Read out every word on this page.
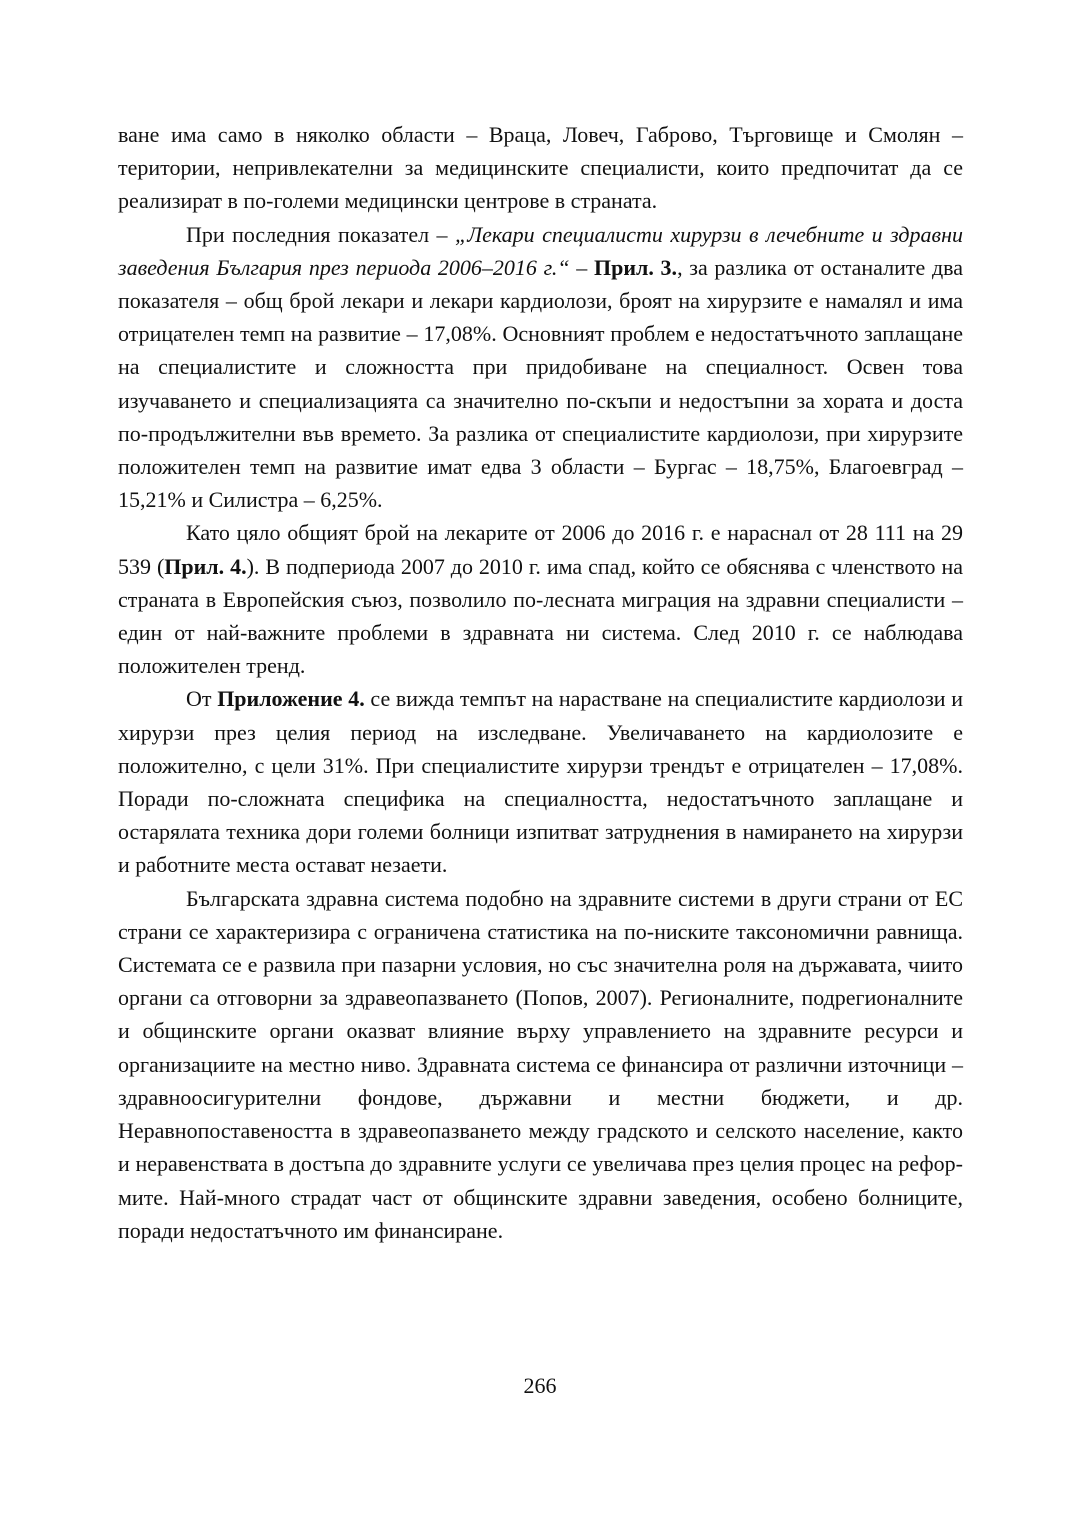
ване има само в няколко области – Враца, Ловеч, Габрово, Търговище и Смолян – територии, непривлекателни за медицинските специалисти, които предпочитат да се реализират в по-големи медицински центрове в страната.

При последния показател – „Лекари специалисти хирурзи в лечебните и здравни заведения България през периода 2006–2016 г.“ – Прил. 3., за разлика от останалите два показателя – общ брой лекари и лекари кардиолози, броят на хирурзите е намалял и има отрицателен темп на развитие – 17,08%. Основният проблем е недостатъчното заплащане на специалистите и сложността при придобиване на специалност. Освен това изучаването и специализацията са значително по-скъпи и недостъпни за хората и доста по-продължителни във времето. За разлика от специалистите кардиолози, при хирурзите положителен темп на развитие имат едва 3 области – Бургас – 18,75%, Благоевград – 15,21% и Силистра – 6,25%.

Като цяло общият брой на лекарите от 2006 до 2016 г. е нараснал от 28 111 на 29 539 (Прил. 4.). В подпериода 2007 до 2010 г. има спад, който се обяснява с членството на страната в Европейския съюз, позволило по-лесната миграция на здравни специалисти – един от най-важните проблеми в здравната ни система. След 2010 г. се наблюдава положителен тренд.

От Приложение 4. се вижда темпът на нарастване на специалистите кардиолози и хирурзи през целия период на изследване. Увеличаването на кардиолозите е положително, с цели 31%. При специалистите хирурзи трендът е отрицателен – 17,08%. Поради по-сложната специфика на специалността, недостатъчното заплащане и остарялата техника дори големи болници изпитват затруднения в намирането на хирурзи и работните места остават незаети.

Българската здравна система подобно на здравните системи в други страни от ЕС страни се характеризира с ограничена статистика на по-ниските таксономични равнища. Системата се е развила при пазарни условия, но със значителна роля на държавата, чиито органи са отговорни за здравеопазването (Попов, 2007). Регионалните, подрегионалните и общинските органи оказват влияние върху управлението на здравните ресурси и организациите на местно ниво. Здравната система се финансира от различни източници – здравноосигурителни фондове, държавни и местни бюджети, и др. Неравнопоставеността в здравеопазването между градското и селското население, както и неравенствата в достъпа до здравните услуги се увеличава през целия процес на реформите. Най-много страдат част от общинските здравни заведения, особено болниците, поради недостатъчното им финансиране.

266
